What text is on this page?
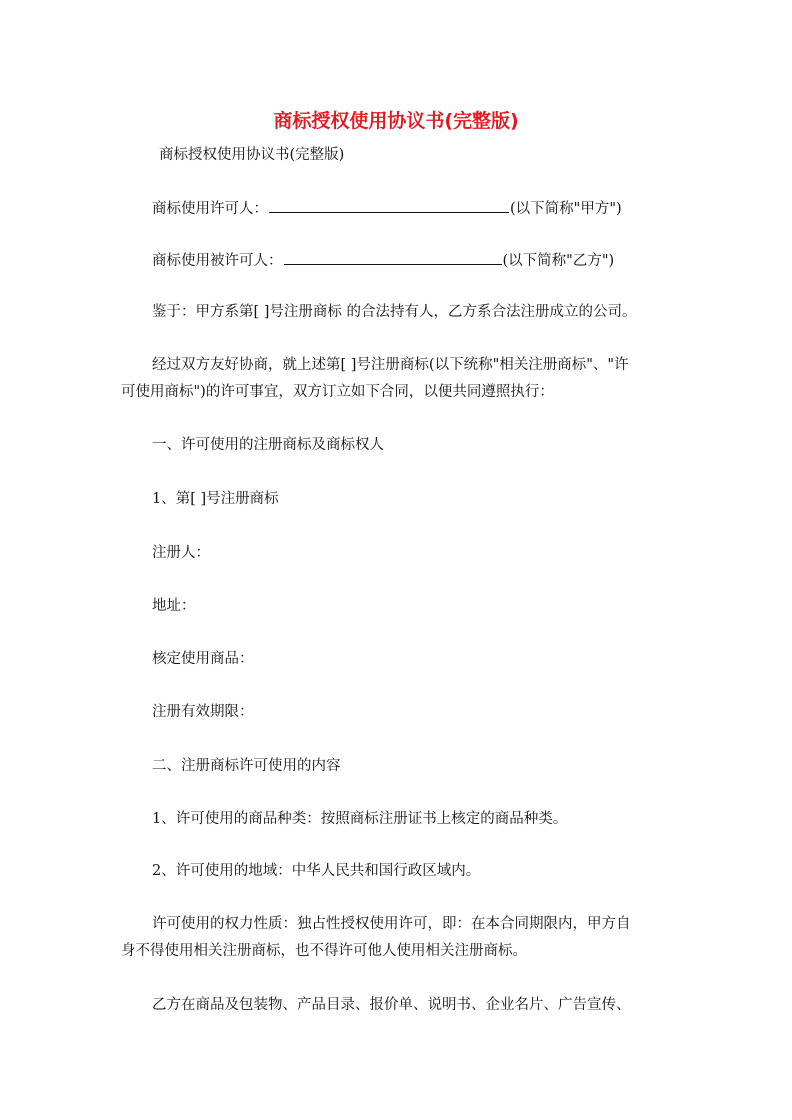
商标授权使用协议书(完整版)
商标授权使用协议书(完整版)
商标使用许可人：	(以下简称"甲方")
商标使用被许可人：	(以下简称"乙方")
鉴于：甲方系第[ ]号注册商标 的合法持有人，乙方系合法注册成立的公司。
经过双方友好协商，就上述第[ ]号注册商标(以下统称"相关注册商标"、"许
可使用商标")的许可事宜，双方订立如下合同，以便共同遵照执行：
一、许可使用的注册商标及商标权人
1、第[ ]号注册商标
注册人：
地址：
核定使用商品：
注册有效期限：
二、注册商标许可使用的内容
1、许可使用的商品种类：按照商标注册证书上核定的商品种类。
2、许可使用的地域：中华人民共和国行政区域内。
许可使用的权力性质：独占性授权使用许可，即：在本合同期限内，甲方自
身不得使用相关注册商标，也不得许可他人使用相关注册商标。
乙方在商品及包装物、产品目录、报价单、说明书、企业名片、广告宣传、
